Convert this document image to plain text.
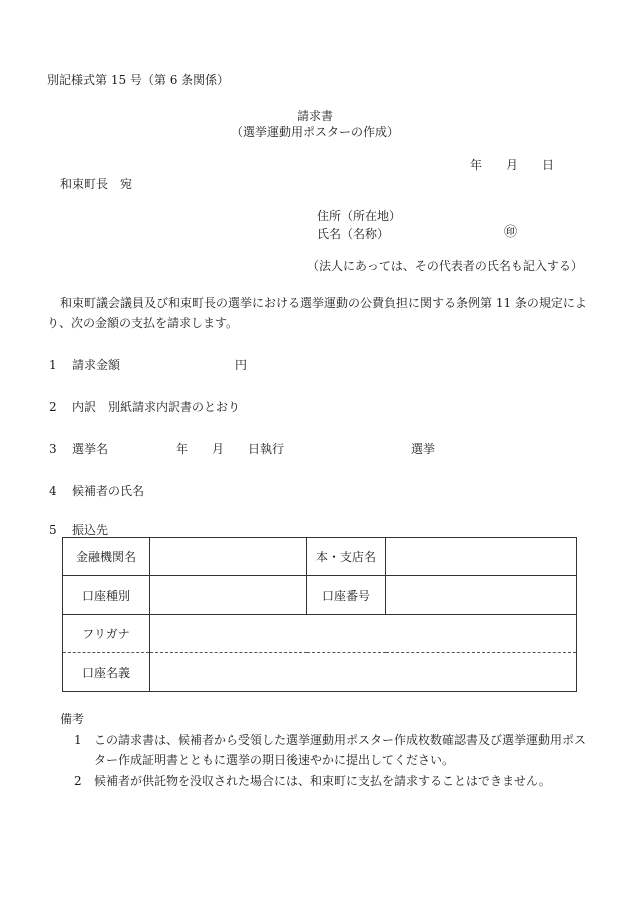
別記様式第 15 号（第 6 条関係）
請求書
（選挙運動用ポスターの作成）
年 月 日
和束町長　宛
住所（所在地）
氏名（名称）	㊞
（法人にあっては、その代表者の氏名も記入する）
和束町議会議員及び和束町長の選挙における選挙運動の公費負担に関する条例第 11 条の規定によ
り、次の金額の支払を請求します。
1 請求金額	円
2 内訳　別紙請求内訳書のとおり
3 選挙名	年 月 日執行	選挙
4 候補者の氏名
5 振込先
金融機関名		本・支店名	
口座種別		口座番号	
フリガナ			
口座名義			
備考
1 この請求書は、候補者から受領した選挙運動用ポスター作成枚数確認書及び選挙運動用ポス
ター作成証明書とともに選挙の期日後速やかに提出してください。
2 候補者が供託物を没収された場合には、和束町に支払を請求することはできません。
